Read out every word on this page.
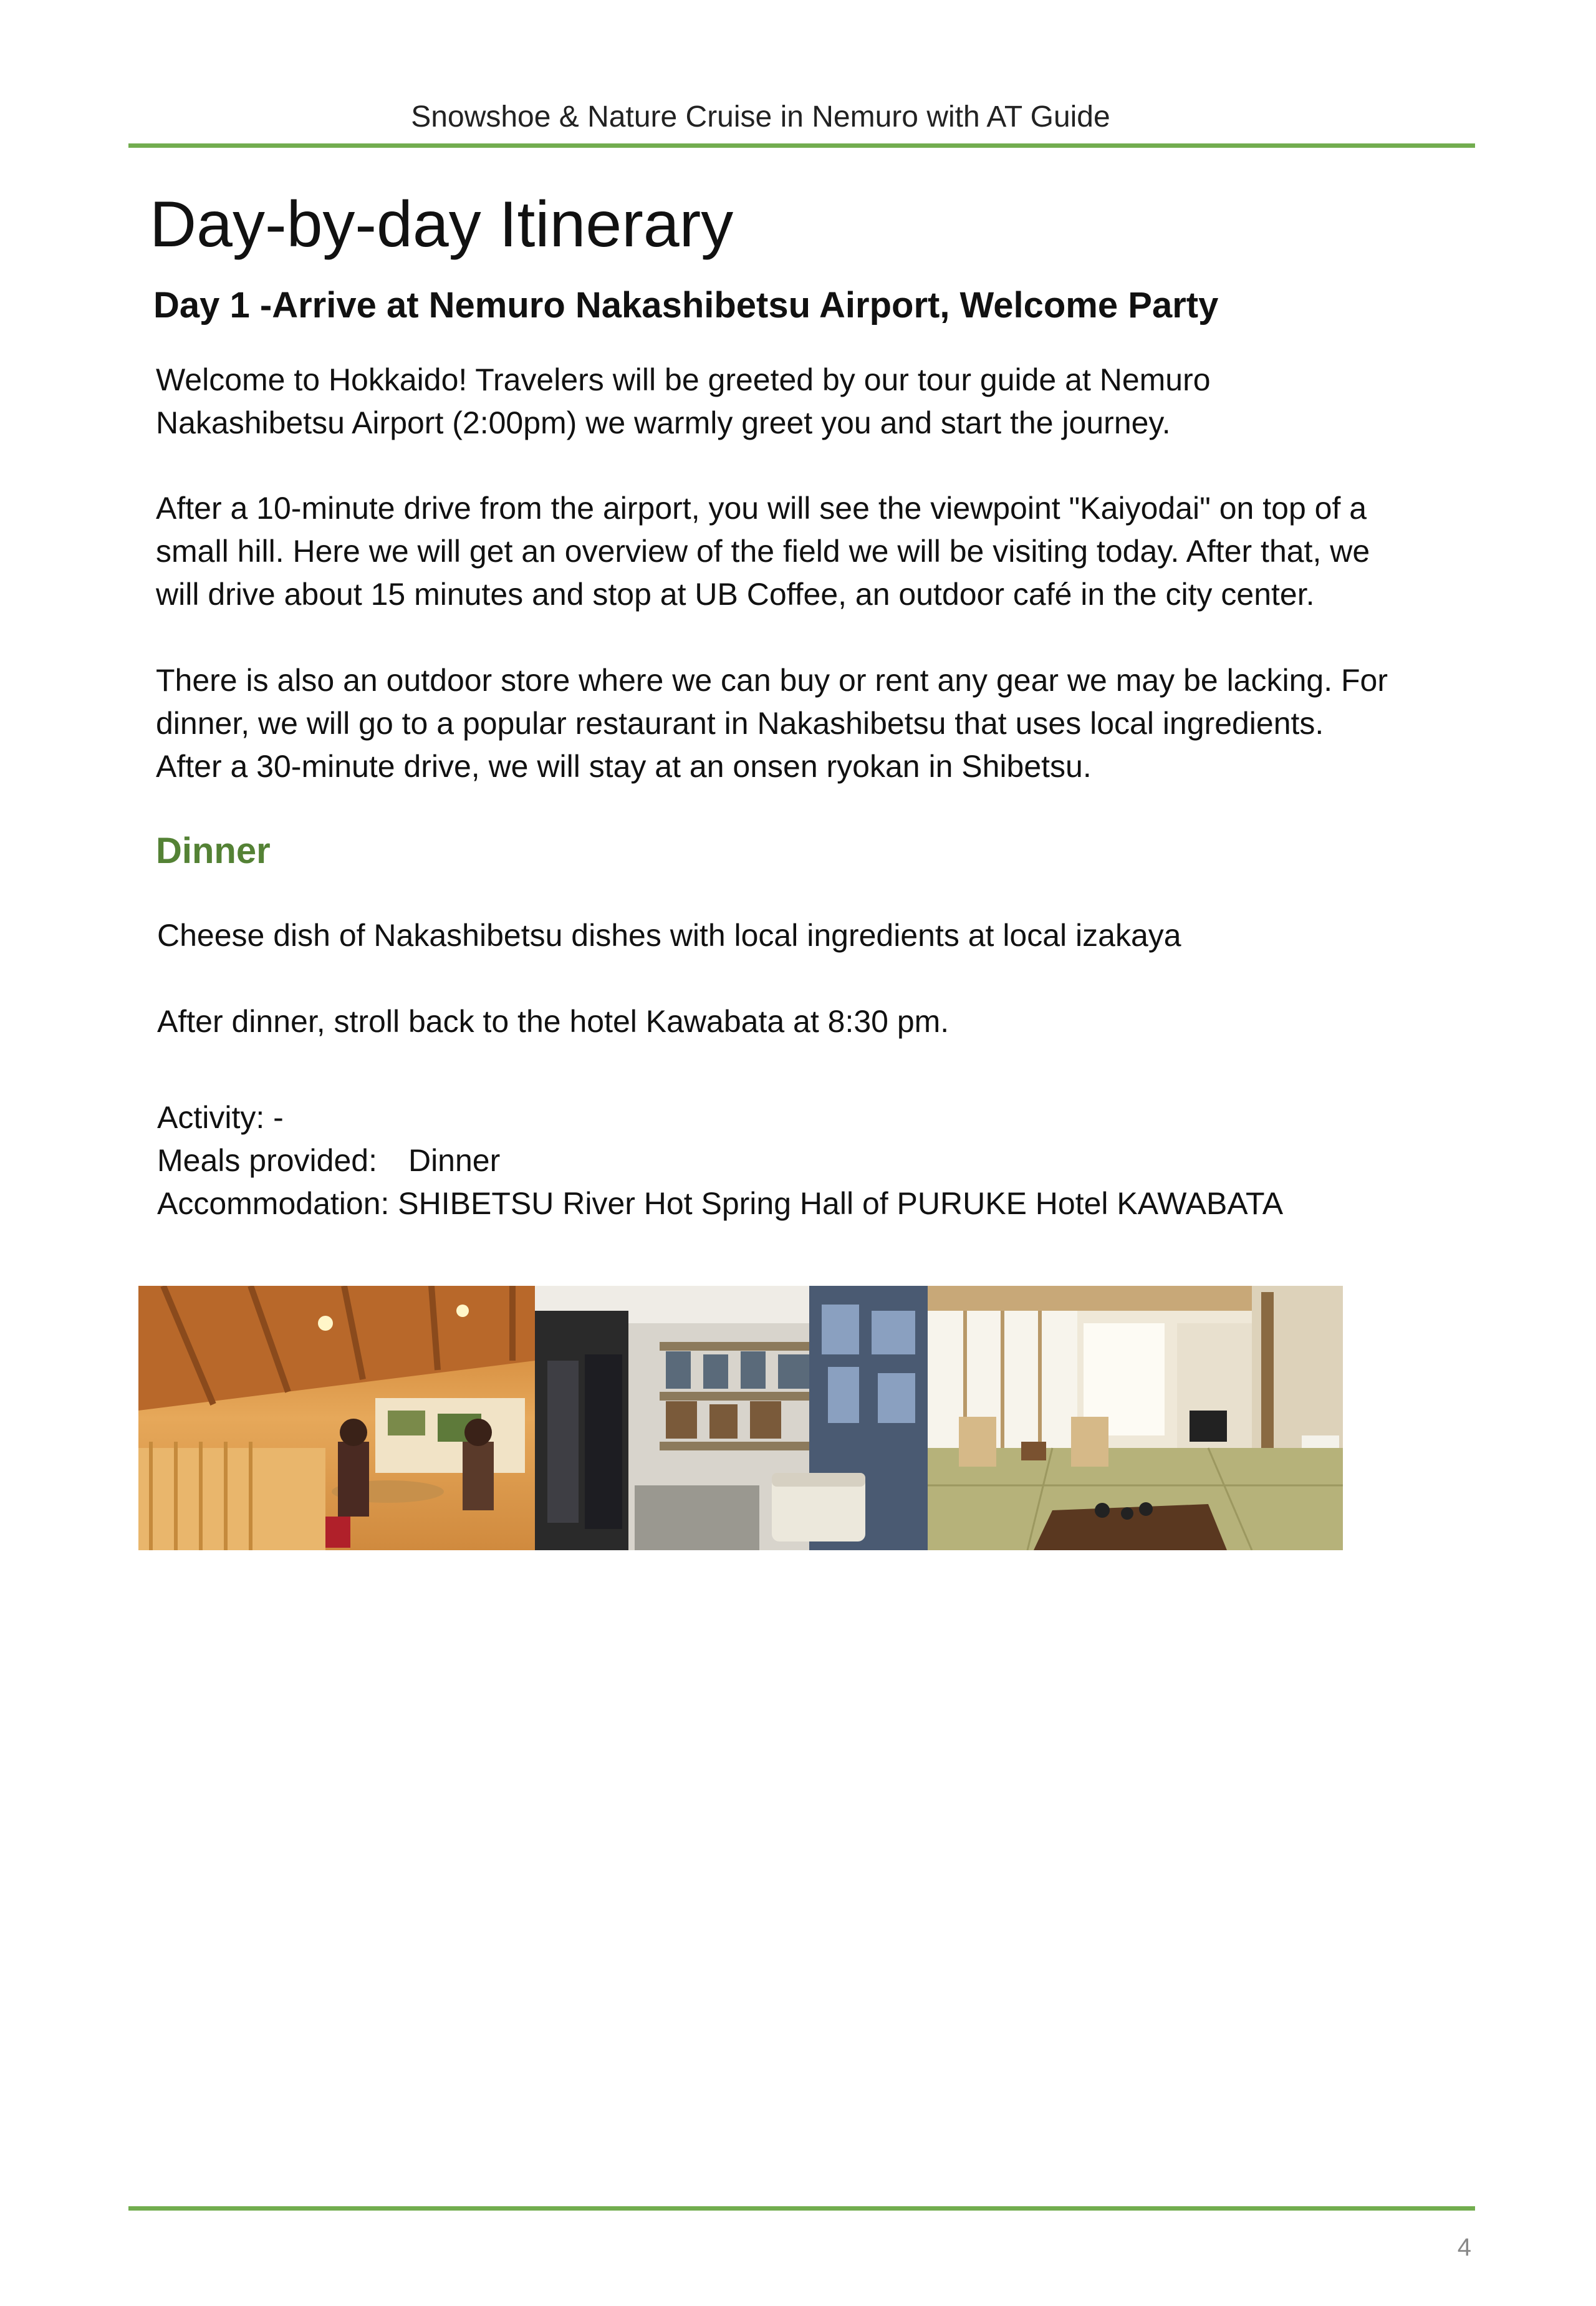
Snowshoe & Nature Cruise in Nemuro with AT Guide
Day-by-day Itinerary
Day 1 -Arrive at Nemuro Nakashibetsu Airport, Welcome Party
Welcome to Hokkaido! Travelers will be greeted by our tour guide at Nemuro
Nakashibetsu Airport (2:00pm) we warmly greet you and start the journey.
After a 10-minute drive from the airport, you will see the viewpoint "Kaiyodai" on top of a
small hill. Here we will get an overview of the field we will be visiting today. After that, we
will drive about 15 minutes and stop at UB Coffee, an outdoor café in the city center.
There is also an outdoor store where we can buy or rent any gear we may be lacking. For
dinner, we will go to a popular restaurant in Nakashibetsu that uses local ingredients.
After a 30-minute drive, we will stay at an onsen ryokan in Shibetsu.
Dinner
Cheese dish of Nakashibetsu dishes with local ingredients at local izakaya
After dinner, stroll back to the hotel Kawabata at 8:30 pm.
Activity: -
Meals provided: Dinner
Accommodation: SHIBETSU River Hot Spring Hall of PURUKE Hotel KAWABATA
4
